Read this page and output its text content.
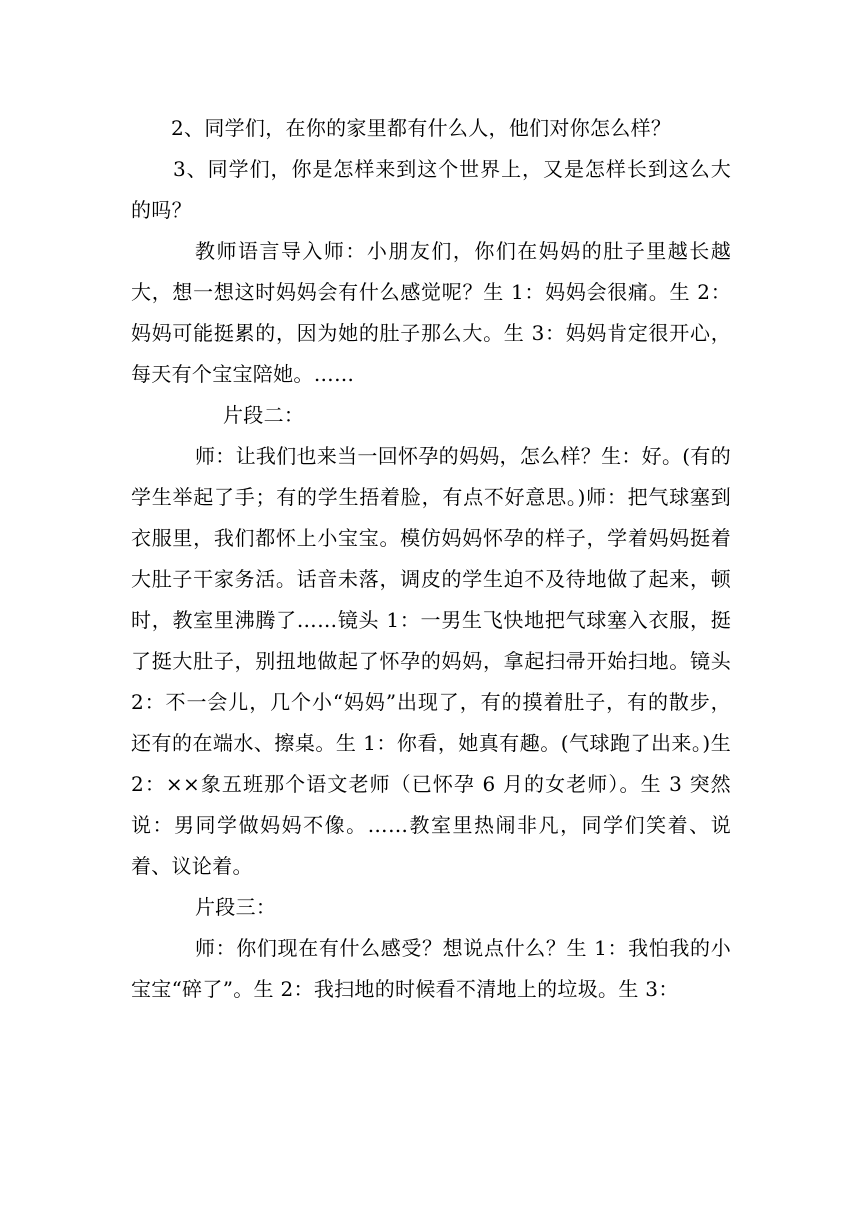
2、同学们，在你的家里都有什么人，他们对你怎么样？

3、同学们，你是怎样来到这个世界上，又是怎样长到这么大的吗？

教师语言导入师：小朋友们，你们在妈妈的肚子里越长越大，想一想这时妈妈会有什么感觉呢？生 1：妈妈会很痛。生 2：妈妈可能挺累的，因为她的肚子那么大。生 3：妈妈肯定很开心，每天有个宝宝陪她。……

片段二：

师：让我们也来当一回怀孕的妈妈，怎么样？生：好。(有的学生举起了手；有的学生捂着脸，有点不好意思。)师：把气球塞到衣服里，我们都怀上小宝宝。模仿妈妈怀孕的样子，学着妈妈挺着大肚子干家务活。话音未落，调皮的学生迫不及待地做了起来，顿时，教室里沸腾了……镜头 1：一男生飞快地把气球塞入衣服，挺了挺大肚子，别扭地做起了怀孕的妈妈，拿起扫帚开始扫地。镜头 2：不一会儿，几个小“妈妈”出现了，有的摸着肚子，有的散步，还有的在端水、擦桌。生 1：你看，她真有趣。(气球跑了出来。)生 2：××象五班那个语文老师（已怀孕 6 月的女老师）。生 3 突然说：男同学做妈妈不像。……教室里热闹非凡，同学们笑着、说着、议论着。

片段三：

师：你们现在有什么感受？想说点什么？生 1：我怕我的小宝宝“碎了”。生 2：我扫地的时候看不清地上的垃圾。生 3：
